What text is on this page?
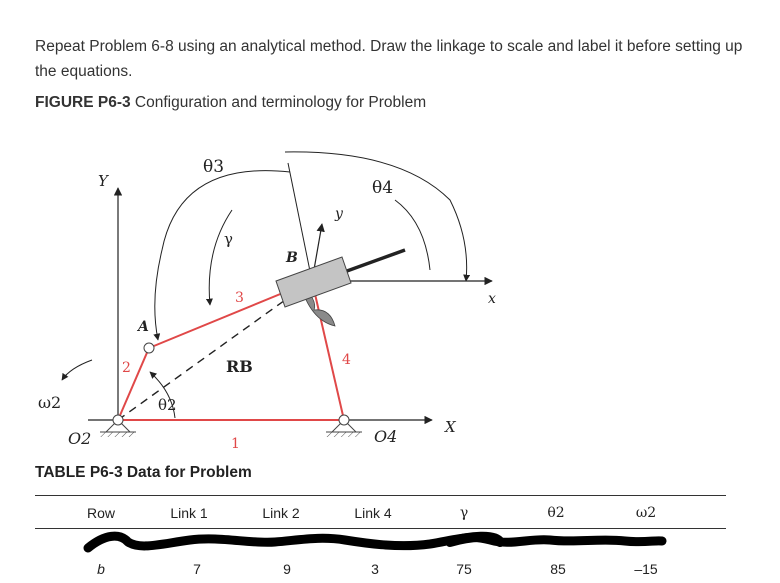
Repeat Problem 6-8 using an analytical method. Draw the linkage to scale and label it before setting up the equations.
FIGURE P6-3 Configuration and terminology for Problem
θ3
θ4
γ
y
x
Y
X
B
A
RB
ω2	θ2
O2	O4
1
2
3
4
TABLE P6-3 Data for Problem
Row	Link 1	Link 2	Link 4	γ	θ2	ω2
b	7	9	3	75	85	–15
